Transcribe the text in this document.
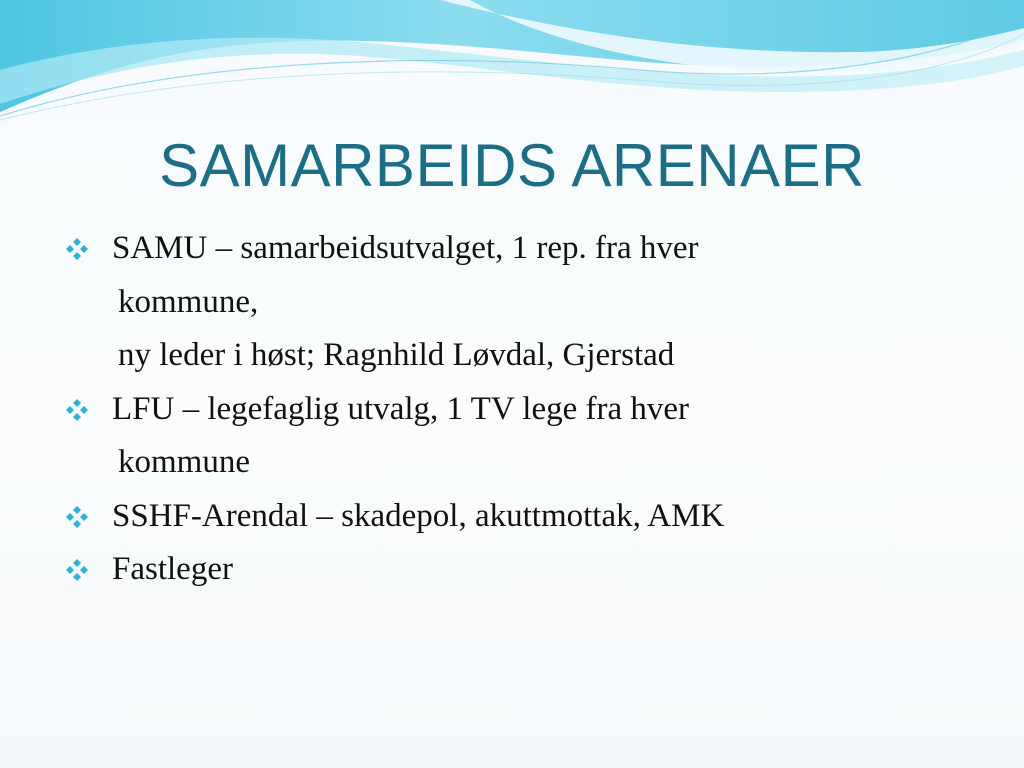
SAMARBEIDS ARENAER
SAMU – samarbeidsutvalget, 1 rep. fra hver
kommune,
ny leder i høst; Ragnhild Løvdal, Gjerstad
LFU – legefaglig utvalg, 1 TV lege fra hver
kommune
SSHF-Arendal – skadepol, akuttmottak, AMK
Fastleger
